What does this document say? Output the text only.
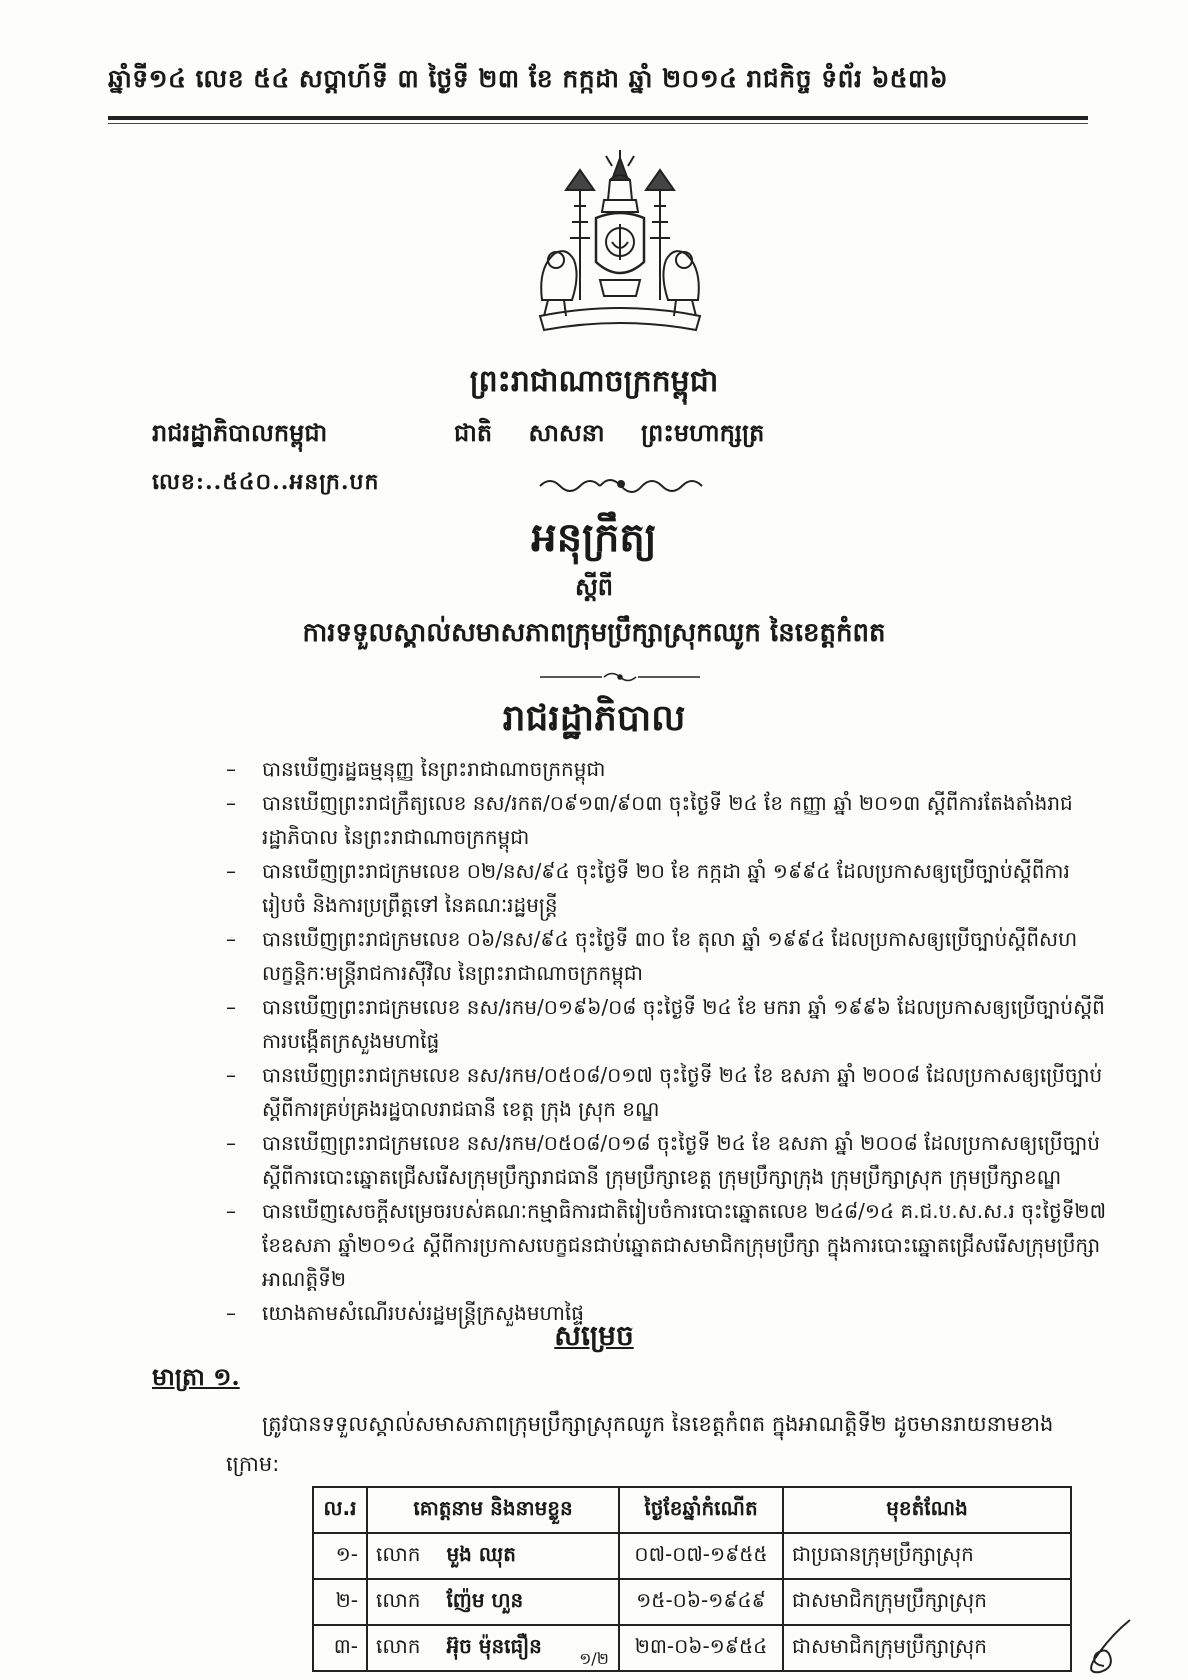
ឆ្នាំទី១៤ លេខ ៥៤ សប្តាហ៍ទី ៣ ថ្ងៃទី ២៣ ខែ កក្កដា ឆ្នាំ ២០១៤ រាជកិច្ច ទំព័រ ៦៥៣៦
ព្រះរាជាណាចក្រកម្ពុជា
រាជរដ្ឋាភិបាលកម្ពុជា	ជាតិ សាសនា ព្រះមហាក្សត្រ
លេខ:..៥៤០..អនក្រ.បក
អនុក្រឹត្យ
ស្តីពី
ការទទួលស្គាល់សមាសភាពក្រុមប្រឹក្សាស្រុកឈូក នៃខេត្តកំពត
រាជរដ្ឋាភិបាល
– បានឃើញរដ្ឋធម្មនុញ្ញ នៃព្រះរាជាណាចក្រកម្ពុជា
– បានឃើញព្រះរាជក្រឹត្យលេខ នស/រកត/០៩១៣/៩០៣ ចុះថ្ងៃទី ២៤ ខែ កញ្ញា ឆ្នាំ ២០១៣ ស្តីពីការតែងតាំងរាជរដ្ឋាភិបាល នៃព្រះរាជាណាចក្រកម្ពុជា
– បានឃើញព្រះរាជក្រមលេខ ០២/នស/៩៤ ចុះថ្ងៃទី ២០ ខែ កក្កដា ឆ្នាំ ១៩៩៤ ដែលប្រកាសឲ្យប្រើច្បាប់ស្តីពីការរៀបចំ និងការប្រព្រឹត្តទៅ នៃគណៈរដ្ឋមន្ត្រី
– បានឃើញព្រះរាជក្រមលេខ ០៦/នស/៩៤ ចុះថ្ងៃទី ៣០ ខែ តុលា ឆ្នាំ ១៩៩៤ ដែលប្រកាសឲ្យប្រើច្បាប់ស្តីពីសហលក្ខន្តិកៈមន្ត្រីរាជការស៊ីវិល នៃព្រះរាជាណាចក្រកម្ពុជា
– បានឃើញព្រះរាជក្រមលេខ នស/រកម/០១៩៦/០៨ ចុះថ្ងៃទី ២៤ ខែ មករា ឆ្នាំ ១៩៩៦ ដែលប្រកាសឲ្យប្រើច្បាប់ស្តីពីការបង្កើតក្រសួងមហាផ្ទៃ
– បានឃើញព្រះរាជក្រមលេខ នស/រកម/០៥០៨/០១៧ ចុះថ្ងៃទី ២៤ ខែ ឧសភា ឆ្នាំ ២០០៨ ដែលប្រកាសឲ្យប្រើច្បាប់ស្តីពីការគ្រប់គ្រងរដ្ឋបាលរាជធានី ខេត្ត ក្រុង ស្រុក ខណ្ឌ
– បានឃើញព្រះរាជក្រមលេខ នស/រកម/០៥០៨/០១៨ ចុះថ្ងៃទី ២៤ ខែ ឧសភា ឆ្នាំ ២០០៨ ដែលប្រកាសឲ្យប្រើច្បាប់ស្តីពីការបោះឆ្នោតជ្រើសរើសក្រុមប្រឹក្សារាជធានី ក្រុមប្រឹក្សាខេត្ត ក្រុមប្រឹក្សាក្រុង ក្រុមប្រឹក្សាស្រុក ក្រុមប្រឹក្សាខណ្ឌ
– បានឃើញសេចក្តីសម្រេចរបស់គណៈកម្មាធិការជាតិរៀបចំការបោះឆ្នោតលេខ ២៤៨/១៤ គ.ជ.ប.ស.ស.រ ចុះថ្ងៃទី២៧ ខែឧសភា ឆ្នាំ២០១៤ ស្តីពីការប្រកាសបេក្ខជនជាប់ឆ្នោតជាសមាជិកក្រុមប្រឹក្សា ក្នុងការបោះឆ្នោតជ្រើសរើសក្រុមប្រឹក្សា អាណត្តិទី២
– យោងតាមសំណើរបស់រដ្ឋមន្ត្រីក្រសួងមហាផ្ទៃ
សម្រេច
មាត្រា ១.
ត្រូវបានទទួលស្គាល់សមាសភាពក្រុមប្រឹក្សាស្រុកឈូក នៃខេត្តកំពត ក្នុងអាណត្តិទី២ ដូចមានរាយនាមខាងក្រោម:
ល.រ	គោត្តនាម និងនាមខ្លួន	ថ្ងៃខែឆ្នាំកំណើត	មុខតំណែង
១-	លោក មួង ឈុត	០៧-០៧-១៩៥៥	ជាប្រធានក្រុមប្រឹក្សាស្រុក
២-	លោក ញ៉ែម ហួន	១៥-០៦-១៩៤៩	ជាសមាជិកក្រុមប្រឹក្សាស្រុក
៣-	លោក អ៊ុច ម៉ុនធឿន	២៣-០៦-១៩៥៤	ជាសមាជិកក្រុមប្រឹក្សាស្រុក
១/២
